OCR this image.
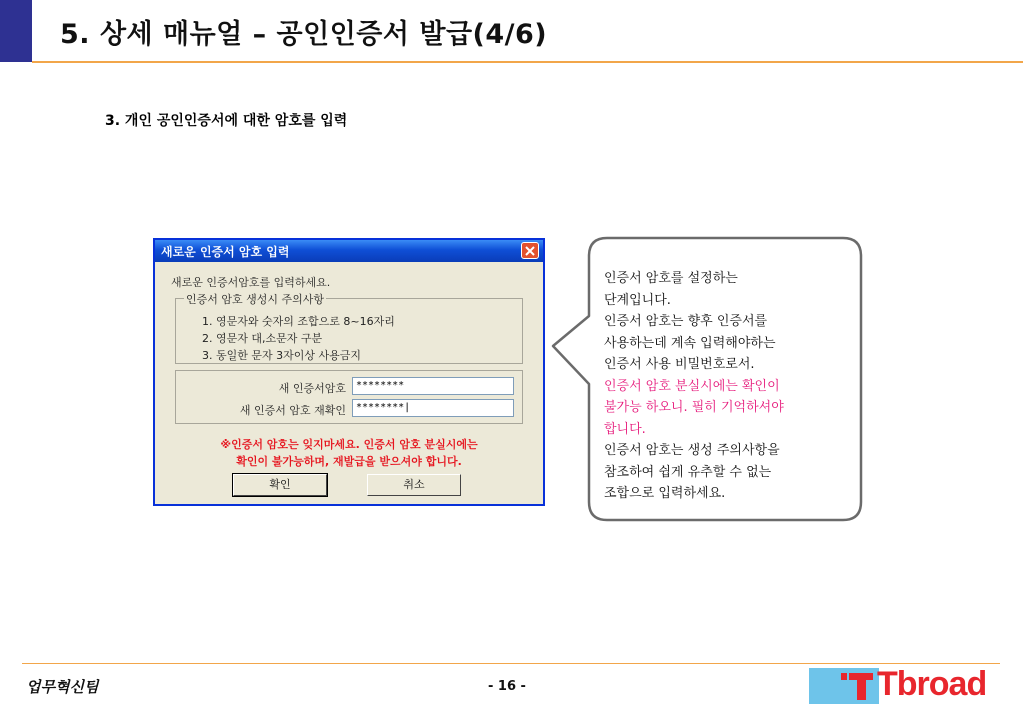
5. 상세 매뉴얼 – 공인인증서 발급(4/6)
3. 개인 공인인증서에 대한 암호를 입력
새로운 인증서 암호 입력
새로운 인증서암호를 입력하세요.
인증서 암호 생성시 주의사항
1. 영문자와 숫자의 조합으로 8~16자리
2. 영문자 대,소문자 구분
3. 동일한 문자 3자이상 사용금지
새 인증서암호	********
새 인증서 암호 재확인	********|
※인증서 암호는 잊지마세요. 인증서 암호 분실시에는
확인이 불가능하며, 재발급을 받으셔야 합니다.
확인	취소
인증서 암호를 설정하는
단계입니다.
인증서 암호는 향후 인증서를
사용하는데 계속 입력해야하는
인증서 사용 비밀번호로서.
인증서 암호 분실시에는 확인이
불가능 하오니. 필히 기억하셔야
합니다.
인증서 암호는 생성 주의사항을
참조하여 쉽게 유추할 수 없는
조합으로 입력하세요.
업무혁신팀	- 16 -	Tbroad
